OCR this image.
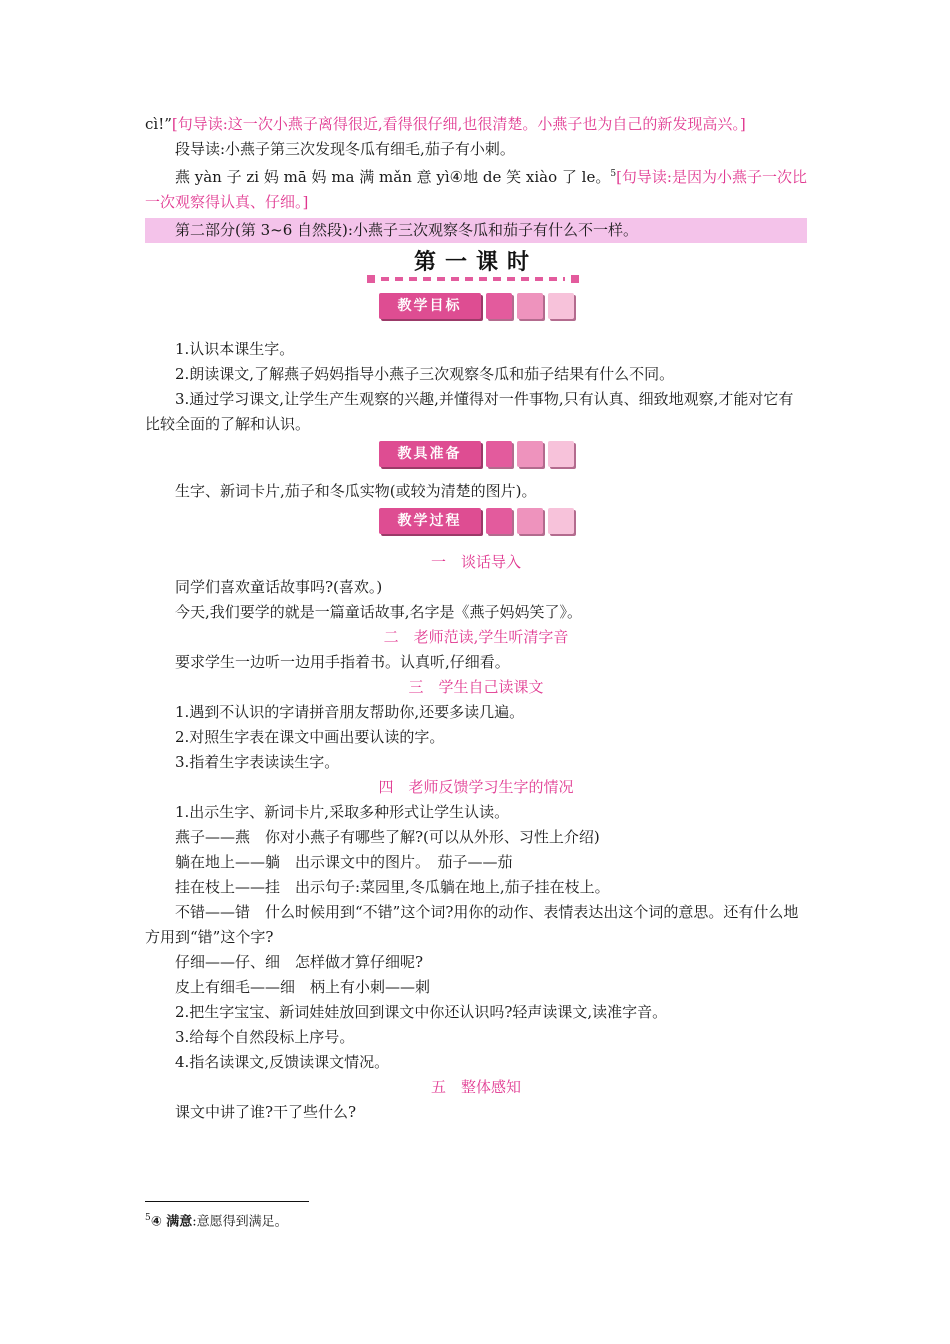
cì!”[句导读:这一次小燕子离得很近,看得很仔细,也很清楚。小燕子也为自己的新发现高兴。]

段导读:小燕子第三次发现冬瓜有细毛,茄子有小刺。

燕 yàn 子 zi 妈 mā 妈 ma 满 mǎn 意 yì④地 de 笑 xiào 了 le。$^5$[句导读:是因为小燕子一次比一次观察得认真、仔细。]

第二部分(第 3~6 自然段):小燕子三次观察冬瓜和茄子有什么不一样。

第一课时
教学目标

1.认识本课生字。

2.朗读课文,了解燕子妈妈指导小燕子三次观察冬瓜和茄子结果有什么不同。

3.通过学习课文,让学生产生观察的兴趣,并懂得对一件事物,只有认真、细致地观察,才能对它有比较全面的了解和认识。

教具准备

生字、新词卡片,茄子和冬瓜实物(或较为清楚的图片)。

教学过程

一　谈话导入

同学们喜欢童话故事吗?(喜欢。)

今天,我们要学的就是一篇童话故事,名字是《燕子妈妈笑了》。

二　老师范读,学生听清字音

要求学生一边听一边用手指着书。认真听,仔细看。

三　学生自己读课文

1.遇到不认识的字请拼音朋友帮助你,还要多读几遍。

2.对照生字表在课文中画出要认读的字。

3.指着生字表读读生字。

四　老师反馈学习生字的情况

1.出示生字、新词卡片,采取多种形式让学生认读。

燕子——燕　你对小燕子有哪些了解?(可以从外形、习性上介绍)

躺在地上——躺　出示课文中的图片。　茄子——茄

挂在枝上——挂　出示句子:菜园里,冬瓜躺在地上,茄子挂在枝上。

不错——错　什么时候用到“不错”这个词?用你的动作、表情表达出这个词的意思。还有什么地方用到“错”这个字?

仔细——仔、细　怎样做才算仔细呢?

皮上有细毛——细　柄上有小刺——刺

2.把生字宝宝、新词娃娃放回到课文中你还认识吗?轻声读课文,读准字音。

3.给每个自然段标上序号。

4.指名读课文,反馈读课文情况。

五　整体感知

课文中讲了谁?干了些什么?

$^5$④ 满意:意愿得到满足。
